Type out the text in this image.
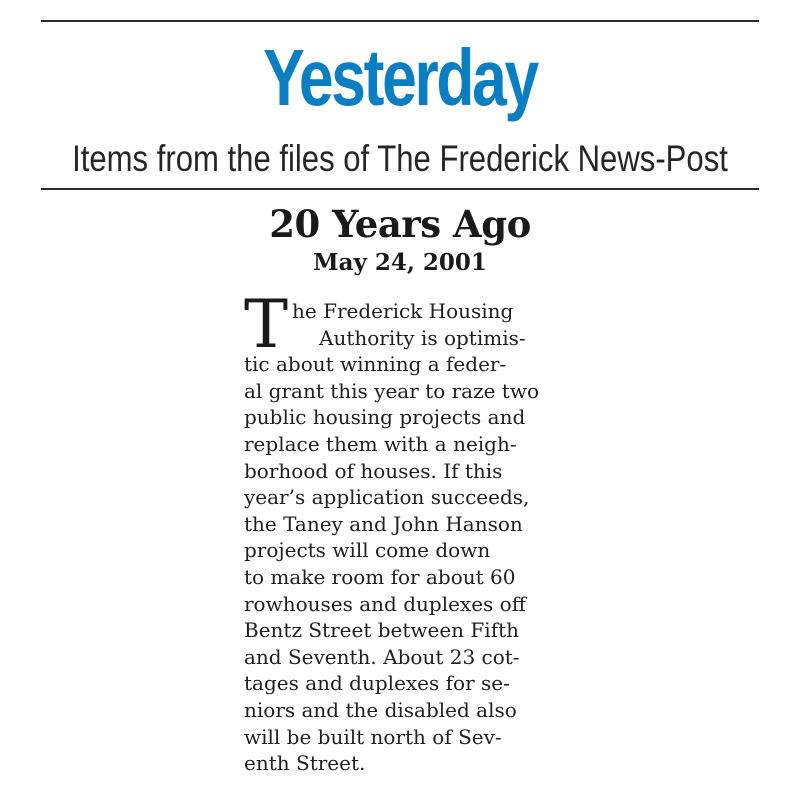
Yesterday
Items from the files of The Frederick News-Post
20 Years Ago
May 24, 2001
T he Frederick Housing
Authority is optimis-
tic about winning a feder-
al grant this year to raze two
public housing projects and
replace them with a neigh-
borhood of houses. If this
year’s application succeeds,
the Taney and John Hanson
projects will come down
to make room for about 60
rowhouses and duplexes off
Bentz Street between Fifth
and Seventh. About 23 cot-
tages and duplexes for se-
niors and the disabled also
will be built north of Sev-
enth Street.
